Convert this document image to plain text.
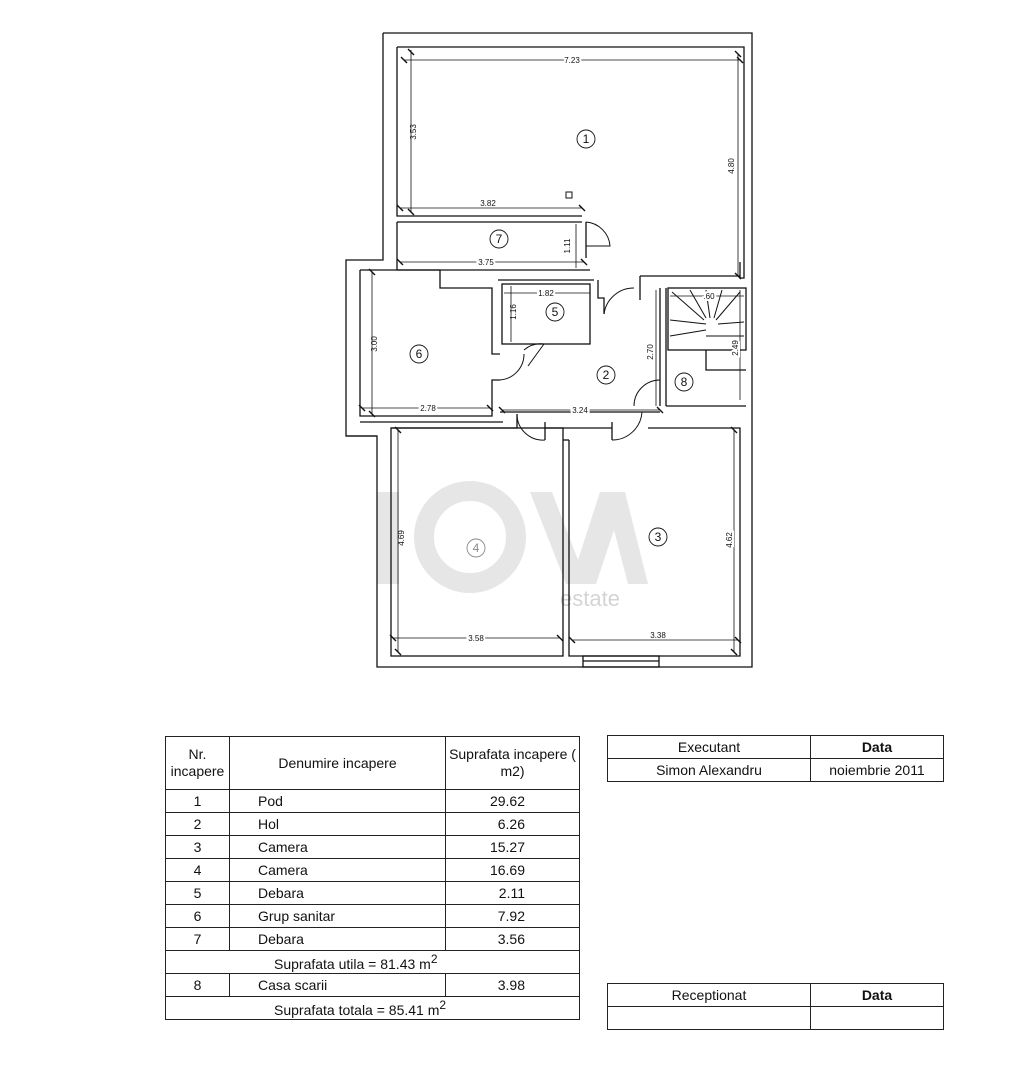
estate
7.23
3.53
4.80
3.82
1.11
3.75
1.82
1.16
3.00
2.78	3.24
2.70
.60
2.49
4.69
3.58
4.62
3.38
1
2
3
4
5
6
7
8
Nr. incapere	Denumire incapere	Suprafata incapere ( m2)
1	Pod	29.62
2	Hol	6.26
3	Camera	15.27
4	Camera	16.69
5	Debara	2.11
6	Grup sanitar	7.92
7	Debara	3.56
Suprafata utila = 81.43 $m^2$
8	Casa scarii	3.98
Suprafata totala = 85.41 $m^2$
Executant	Data
Simon Alexandru	noiembrie 2011
Receptionat	Data
